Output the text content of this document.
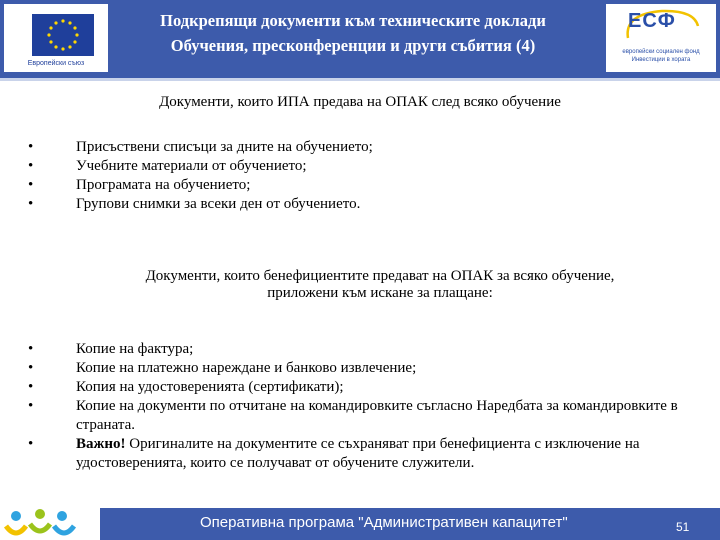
Европейски съюз
Подкрепящи документи към техническите доклади
Обучения, пресконференции и други събития (4)
ЕСФ
европейски социален фонд
Инвестиции в хората
Документи, които ИПА предава на ОПАК след всяко обучение
•	Присъствени списъци за дните на обучението;
•	Учебните материали от обучението;
•	Програмата на обучението;
•	Групови снимки за всеки ден от обучението.
Документи, които бенефициентите предават на ОПАК за всяко обучение,
приложени към искане за плащане:
•	Копие на фактура;
•	Копие на платежно нареждане и банково извлечение;
•	Копия на удостоверенията (сертификати);
•	Копие на документи по отчитане на командировките съгласно Наредбата за командировките в страната.
•	Важно! Оригиналите на документите се съхраняват при бенефициента с изключение на удостоверенията, които се получават от обучените служители.
Оперативна програма "Административен капацитет"	51
